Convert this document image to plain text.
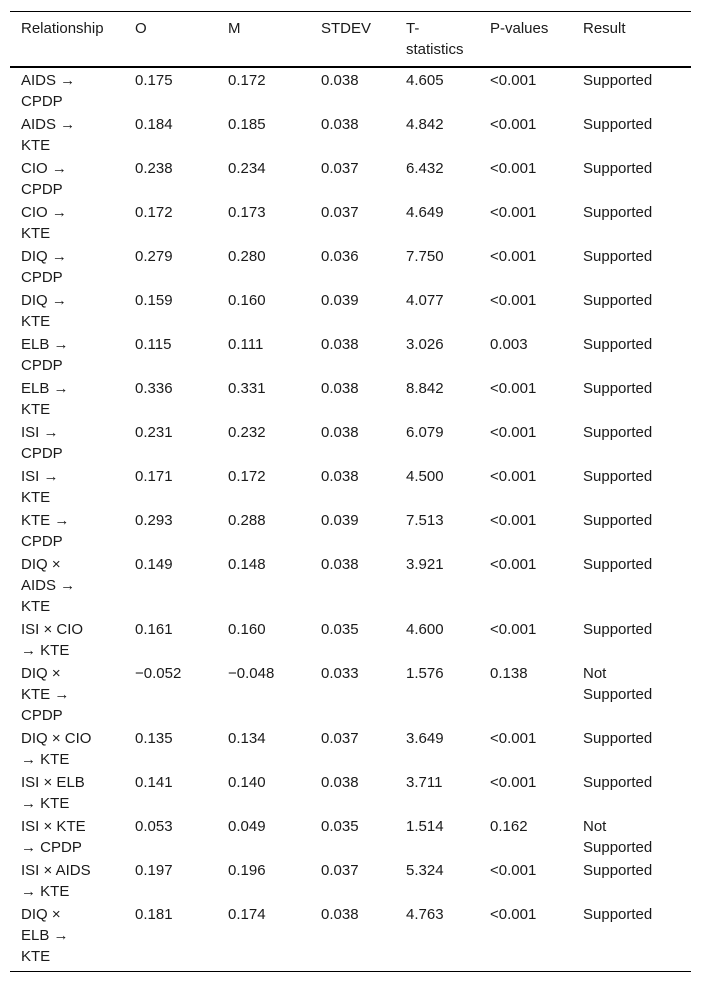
Relationship	O	M	STDEV	T-
statistics	P-values	Result
AIDS →
CPDP	0.175	0.172	0.038	4.605	<0.001	Supported
AIDS →
KTE	0.184	0.185	0.038	4.842	<0.001	Supported
CIO →
CPDP	0.238	0.234	0.037	6.432	<0.001	Supported
CIO →
KTE	0.172	0.173	0.037	4.649	<0.001	Supported
DIQ →
CPDP	0.279	0.280	0.036	7.750	<0.001	Supported
DIQ →
KTE	0.159	0.160	0.039	4.077	<0.001	Supported
ELB →
CPDP	0.115	0.111	0.038	3.026	0.003	Supported
ELB →
KTE	0.336	0.331	0.038	8.842	<0.001	Supported
ISI →
CPDP	0.231	0.232	0.038	6.079	<0.001	Supported
ISI →
KTE	0.171	0.172	0.038	4.500	<0.001	Supported
KTE →
CPDP	0.293	0.288	0.039	7.513	<0.001	Supported
DIQ ×
AIDS →
KTE	0.149	0.148	0.038	3.921	<0.001	Supported
ISI × CIO
→ KTE	0.161	0.160	0.035	4.600	<0.001	Supported
DIQ ×
KTE →
CPDP	−0.052	−0.048	0.033	1.576	0.138	Not
Supported
DIQ × CIO
→ KTE	0.135	0.134	0.037	3.649	<0.001	Supported
ISI × ELB
→ KTE	0.141	0.140	0.038	3.711	<0.001	Supported
ISI × KTE
→ CPDP	0.053	0.049	0.035	1.514	0.162	Not
Supported
ISI × AIDS
→ KTE	0.197	0.196	0.037	5.324	<0.001	Supported
DIQ ×
ELB →
KTE	0.181	0.174	0.038	4.763	<0.001	Supported
